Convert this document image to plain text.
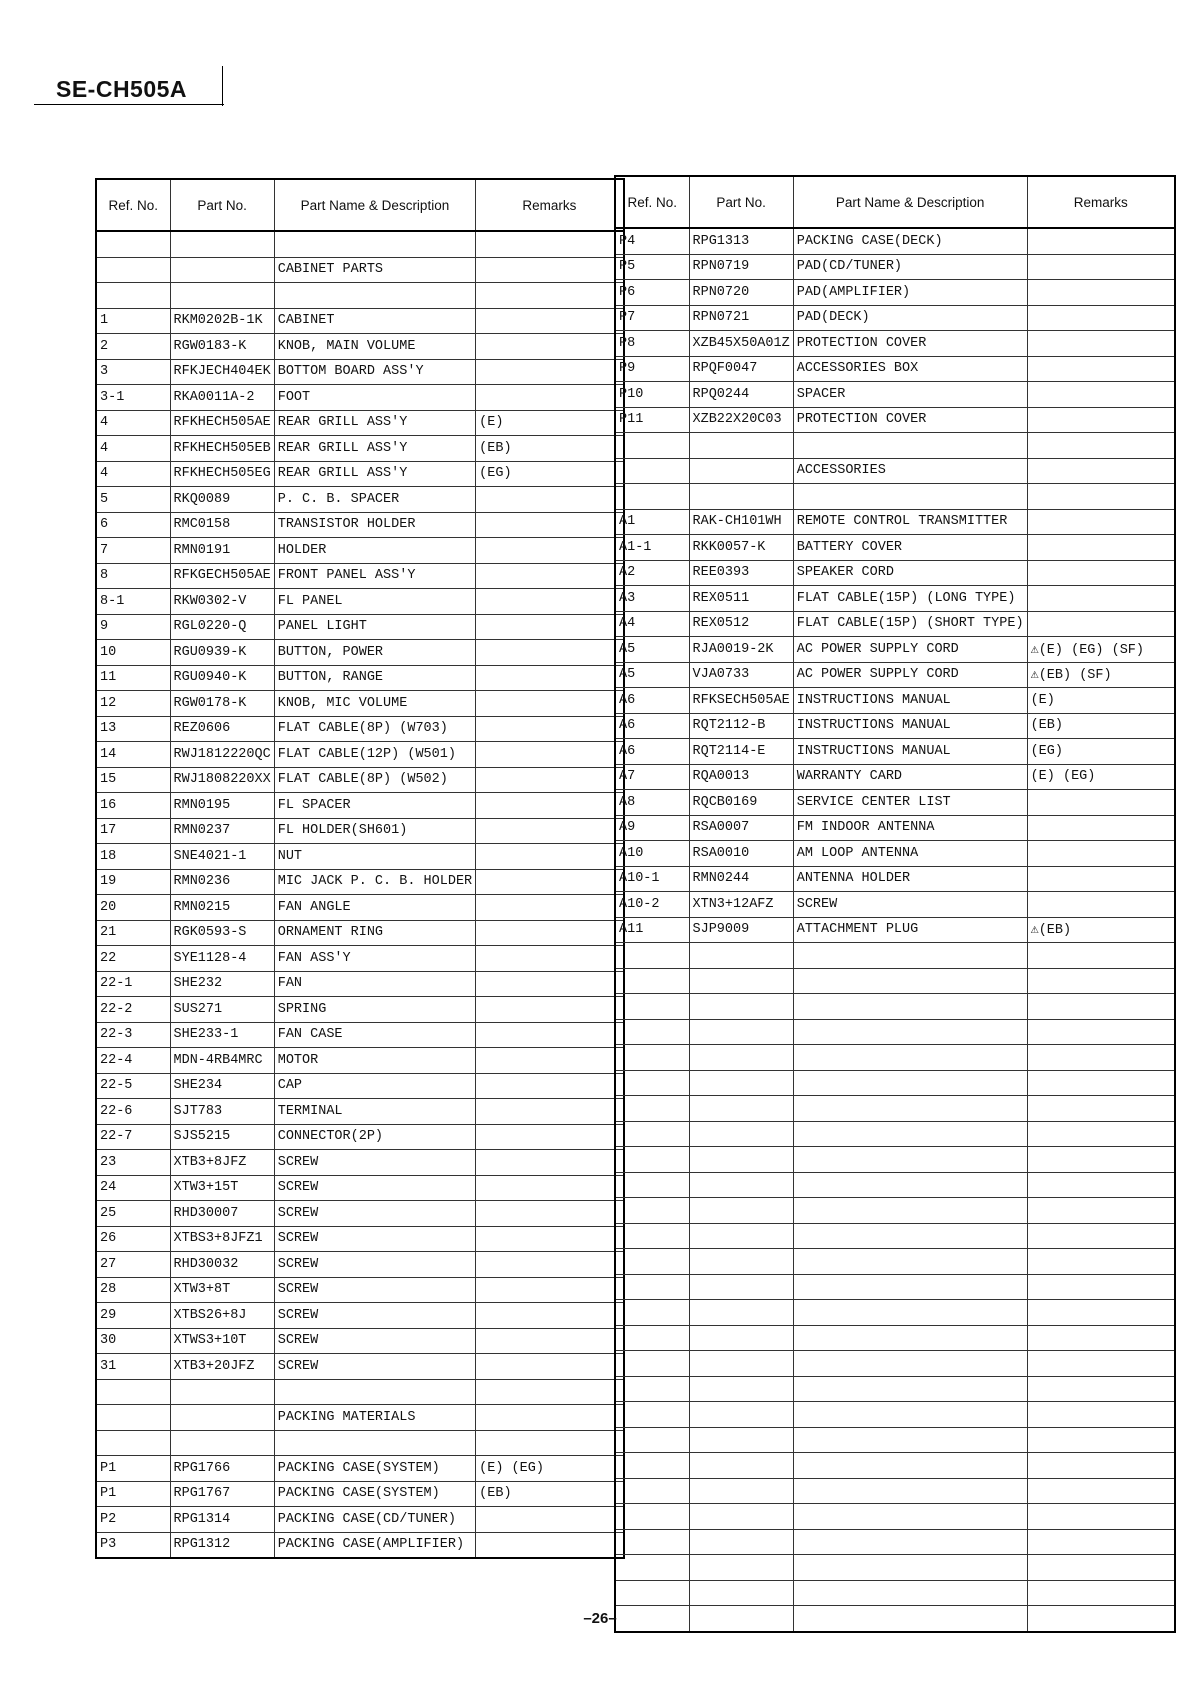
SE-CH505A
Ref. No.	Part No.	Part Name & Description	Remarks

		CABINET PARTS	

1	RKM0202B-1K	CABINET	
2	RGW0183-K	KNOB, MAIN VOLUME	
3	RFKJECH404EK	BOTTOM BOARD ASS'Y	
3-1	RKA0011A-2	FOOT	
4	RFKHECH505AE	REAR GRILL ASS'Y	(E)
4	RFKHECH505EB	REAR GRILL ASS'Y	(EB)
4	RFKHECH505EG	REAR GRILL ASS'Y	(EG)
5	RKQ0089	P. C. B. SPACER	
6	RMC0158	TRANSISTOR HOLDER	
7	RMN0191	HOLDER	
8	RFKGECH505AE	FRONT PANEL ASS'Y	
8-1	RKW0302-V	FL PANEL	
9	RGL0220-Q	PANEL LIGHT	
10	RGU0939-K	BUTTON, POWER	
11	RGU0940-K	BUTTON, RANGE	
12	RGW0178-K	KNOB, MIC VOLUME	
13	REZ0606	FLAT CABLE(8P) (W703)	
14	RWJ1812220QC	FLAT CABLE(12P) (W501)	
15	RWJ1808220XX	FLAT CABLE(8P) (W502)	
16	RMN0195	FL SPACER	
17	RMN0237	FL HOLDER(SH601)	
18	SNE4021-1	NUT	
19	RMN0236	MIC JACK P. C. B. HOLDER	
20	RMN0215	FAN ANGLE	
21	RGK0593-S	ORNAMENT RING	
22	SYE1128-4	FAN ASS'Y	
22-1	SHE232	FAN	
22-2	SUS271	SPRING	
22-3	SHE233-1	FAN CASE	
22-4	MDN-4RB4MRC	MOTOR	
22-5	SHE234	CAP	
22-6	SJT783	TERMINAL	
22-7	SJS5215	CONNECTOR(2P)	
23	XTB3+8JFZ	SCREW	
24	XTW3+15T	SCREW	
25	RHD30007	SCREW	
26	XTBS3+8JFZ1	SCREW	
27	RHD30032	SCREW	
28	XTW3+8T	SCREW	
29	XTBS26+8J	SCREW	
30	XTWS3+10T	SCREW	
31	XTB3+20JFZ	SCREW	

		PACKING MATERIALS	

P1	RPG1766	PACKING CASE(SYSTEM)	(E) (EG)
P1	RPG1767	PACKING CASE(SYSTEM)	(EB)
P2	RPG1314	PACKING CASE(CD/TUNER)	
P3	RPG1312	PACKING CASE(AMPLIFIER)	
Ref. No.	Part No.	Part Name & Description	Remarks
P4	RPG1313	PACKING CASE(DECK)	
P5	RPN0719	PAD(CD/TUNER)	
P6	RPN0720	PAD(AMPLIFIER)	
P7	RPN0721	PAD(DECK)	
P8	XZB45X50A01Z	PROTECTION COVER	
P9	RPQF0047	ACCESSORIES BOX	
P10	RPQ0244	SPACER	
P11	XZB22X20C03	PROTECTION COVER	

		ACCESSORIES	

A1	RAK-CH101WH	REMOTE CONTROL TRANSMITTER	
A1-1	RKK0057-K	BATTERY COVER	
A2	REE0393	SPEAKER CORD	
A3	REX0511	FLAT CABLE(15P) (LONG TYPE)	
A4	REX0512	FLAT CABLE(15P) (SHORT TYPE)	
A5	RJA0019-2K	AC POWER SUPPLY CORD	⚠(E) (EG) (SF)
A5	VJA0733	AC POWER SUPPLY CORD	⚠(EB) (SF)
A6	RFKSECH505AE	INSTRUCTIONS MANUAL	(E)
A6	RQT2112-B	INSTRUCTIONS MANUAL	(EB)
A6	RQT2114-E	INSTRUCTIONS MANUAL	(EG)
A7	RQA0013	WARRANTY CARD	(E) (EG)
A8	RQCB0169	SERVICE CENTER LIST	
A9	RSA0007	FM INDOOR ANTENNA	
A10	RSA0010	AM LOOP ANTENNA	
A10-1	RMN0244	ANTENNA HOLDER	
A10-2	XTN3+12AFZ	SCREW	
A11	SJP9009	ATTACHMENT PLUG	⚠(EB)

–26–
